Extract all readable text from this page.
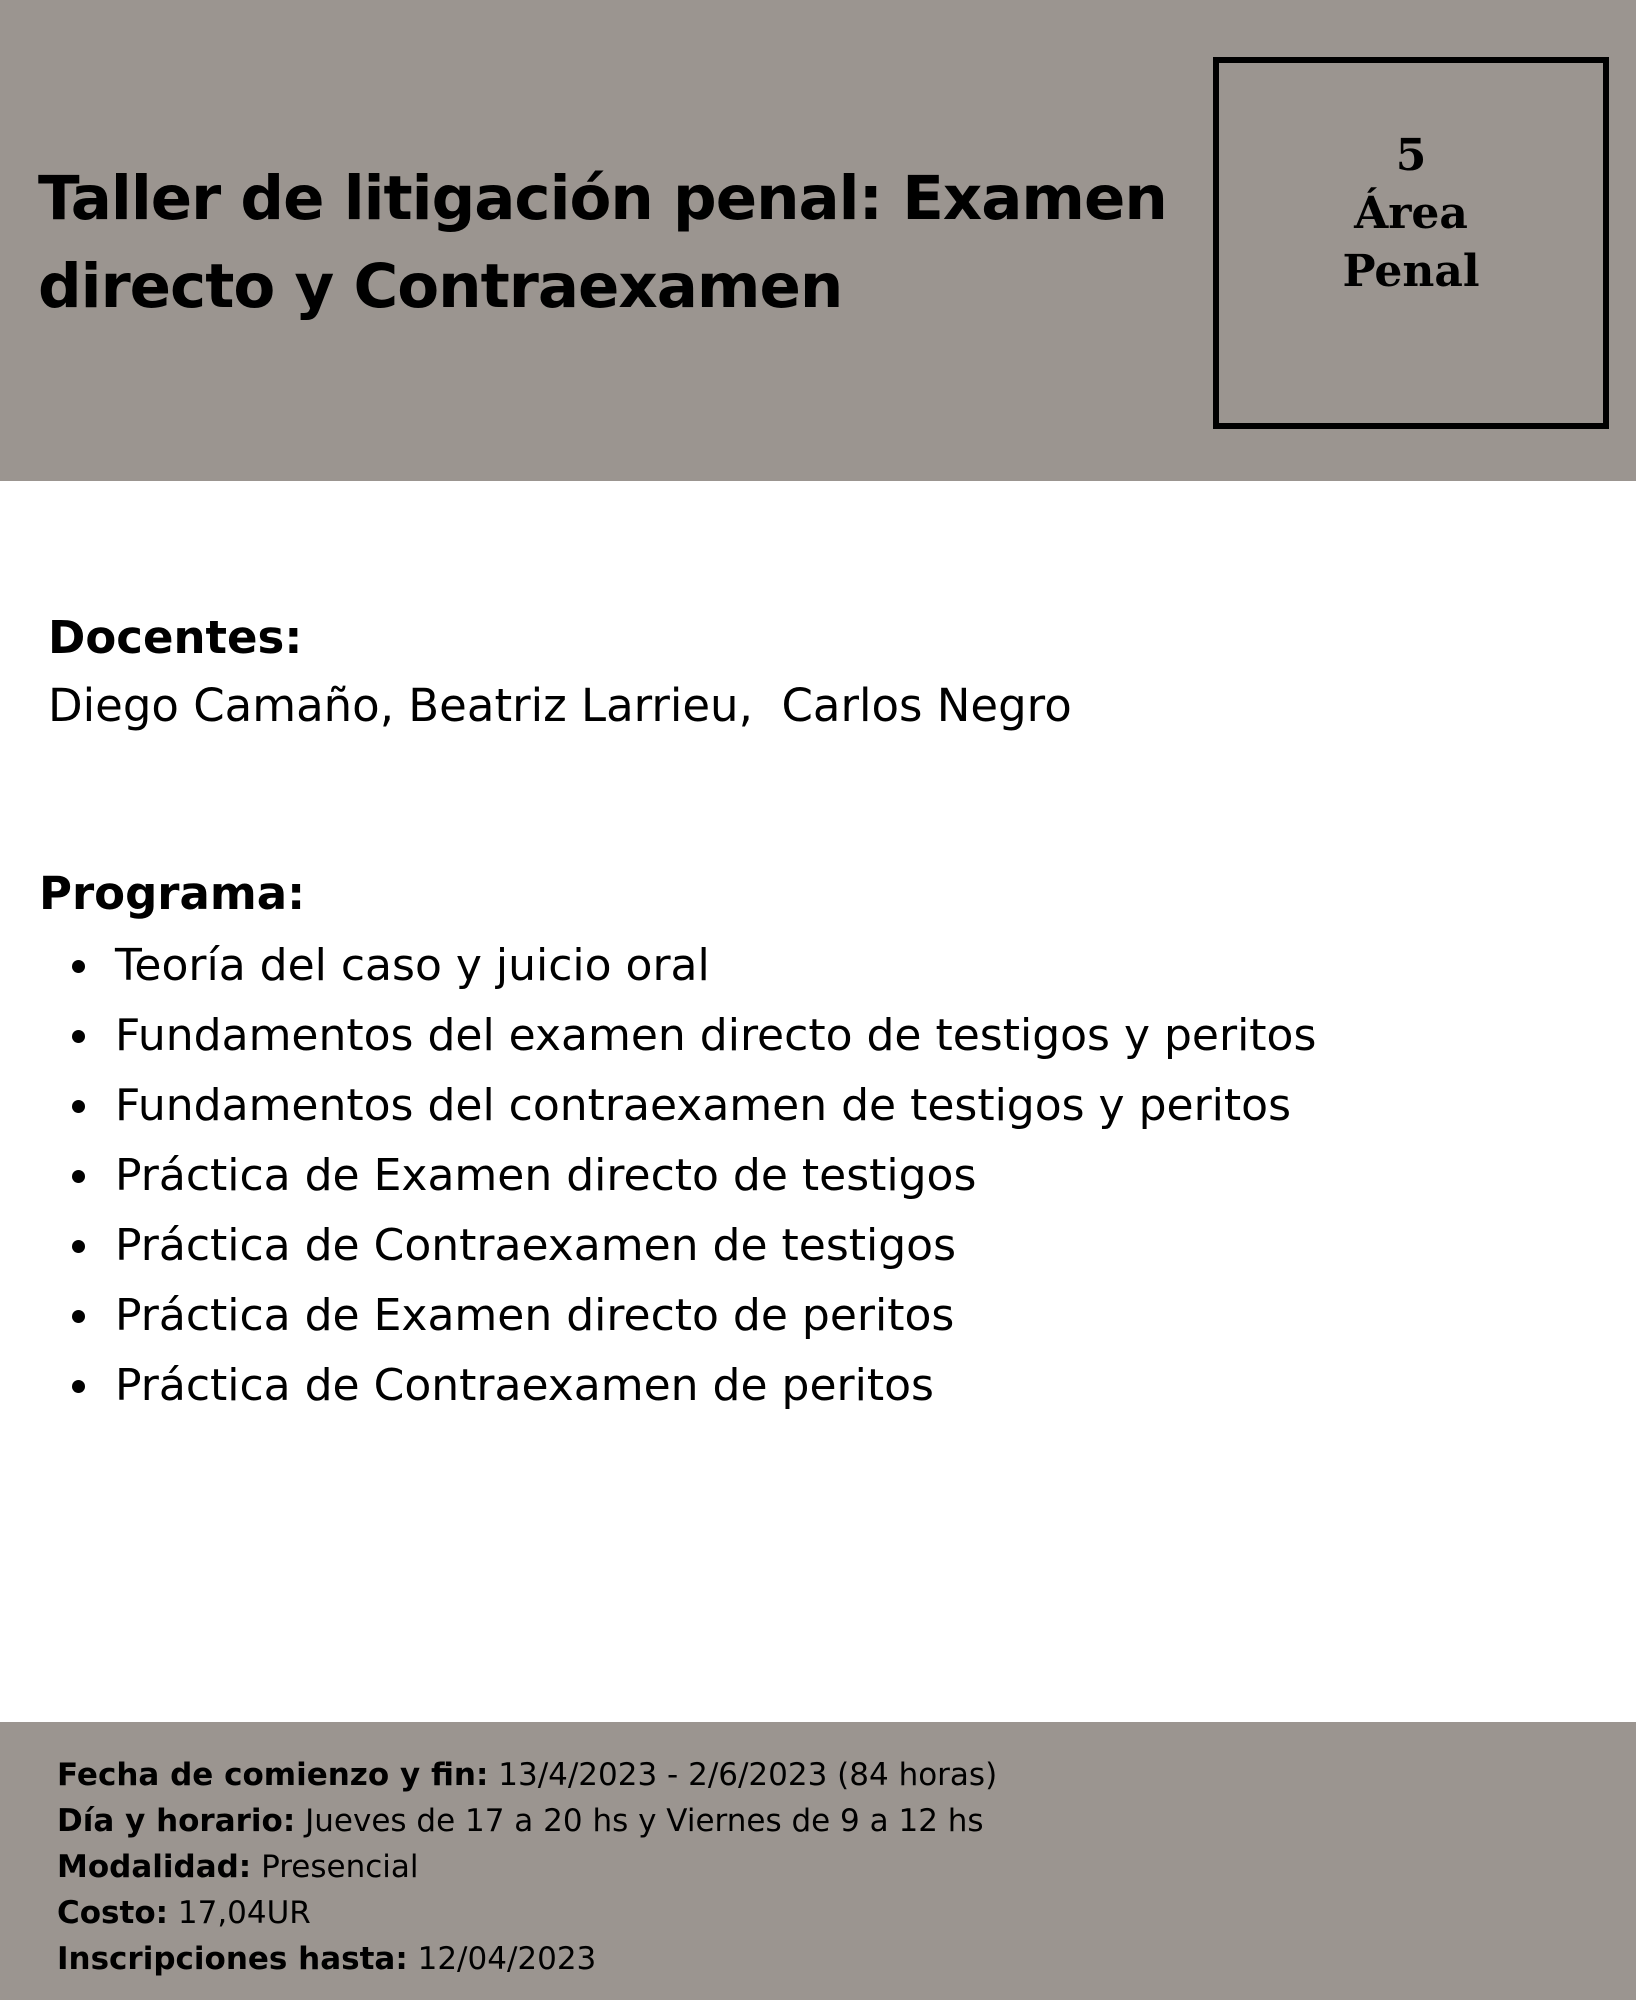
Taller de litigación penal: Examen
directo y Contraexamen
5
Área
Penal
Docentes:

Diego Camaño, Beatriz Larrieu,  Carlos Negro

Programa:
Teoría del caso y juicio oral
Fundamentos del examen directo de testigos y peritos
Fundamentos del contraexamen de testigos y peritos
Práctica de Examen directo de testigos
Práctica de Contraexamen de testigos
Práctica de Examen directo de peritos
Práctica de Contraexamen de peritos
Fecha de comienzo y fin: 13/4/2023 - 2/6/2023 (84 horas)
Día y horario: Jueves de 17 a 20 hs y Viernes de 9 a 12 hs
Modalidad: Presencial
Costo: 17,04UR
Inscripciones hasta: 12/04/2023
